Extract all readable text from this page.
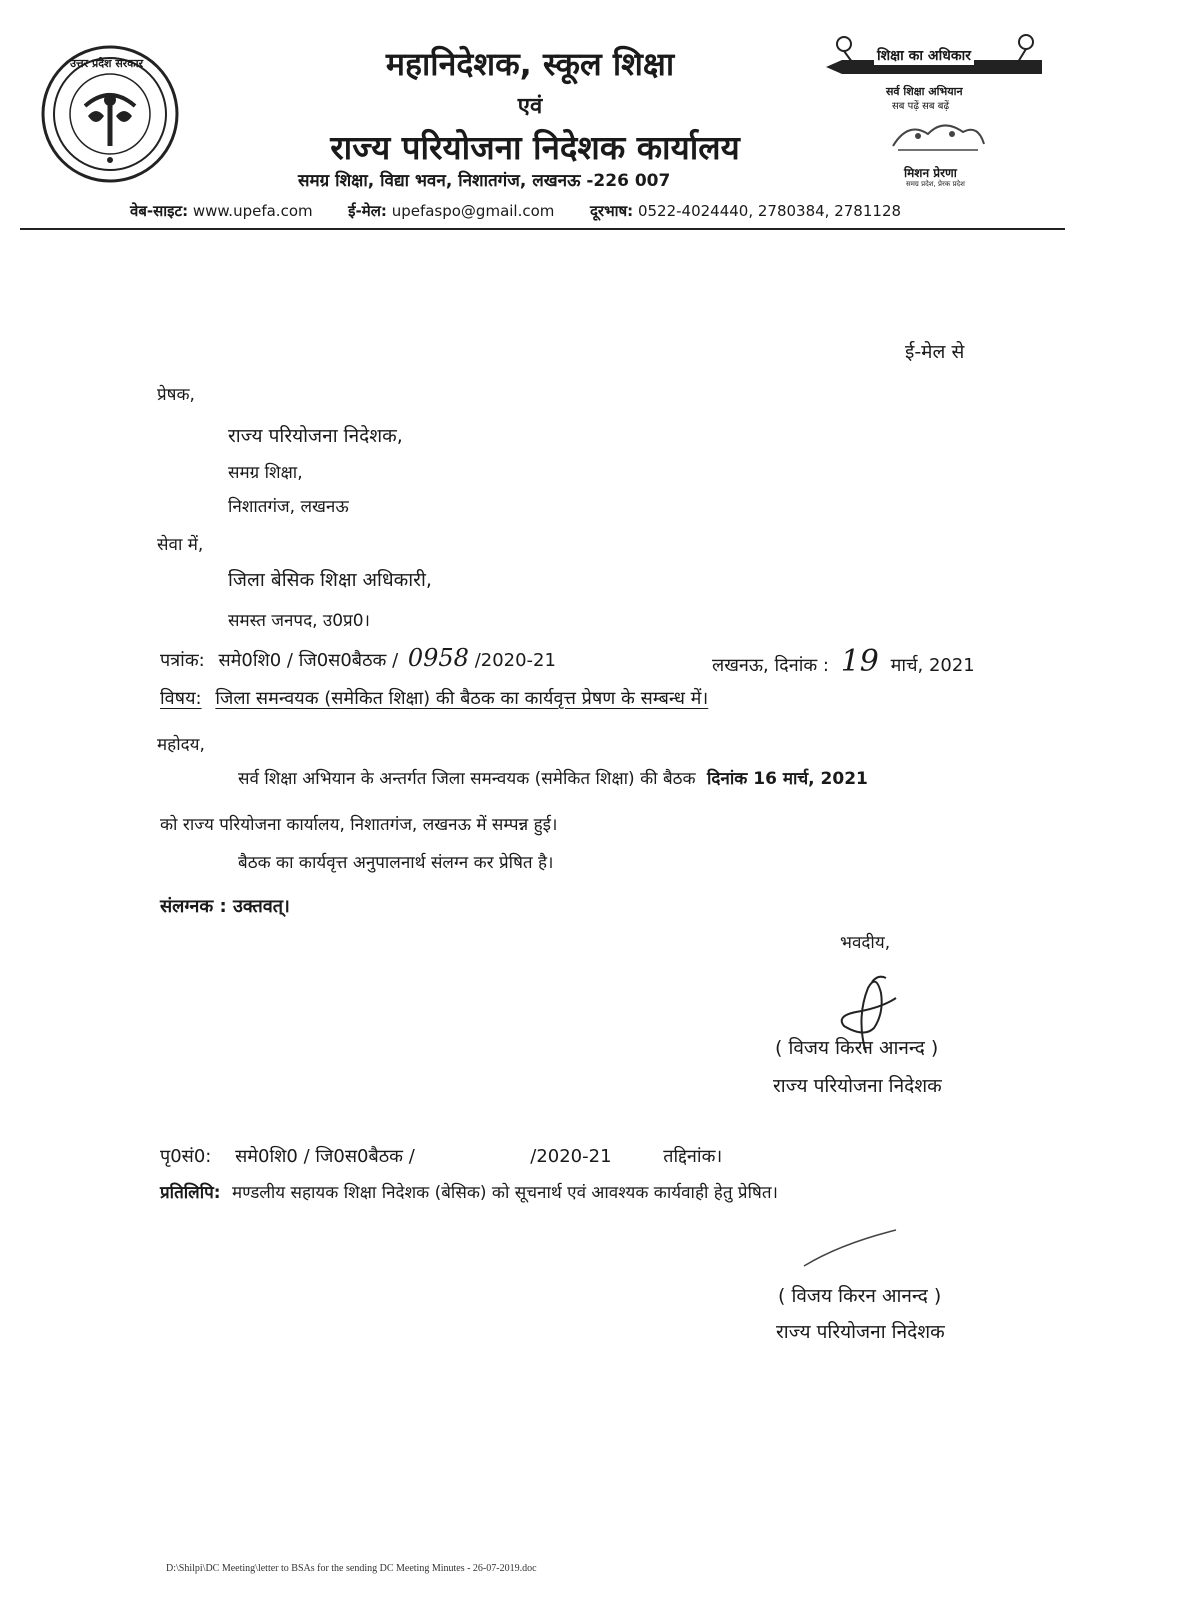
उत्तर प्रदेश सरकार	महानिदेशक, स्कूल शिक्षा
एवं
राज्य परियोजना निदेशक कार्यालय
समग्र शिक्षा, विद्या भवन, निशातगंज, लखनऊ -226 007
वेब-साइट: www.upefa.com ई-मेल: upefaspo@gmail.com दूरभाष: 0522-4024440, 2780384, 2781128
शिक्षा का अधिकार
सर्व शिक्षा अभियान
सब पढ़ें सब बढ़ें
मिशन प्रेरणा
समग्र प्रदेश, प्रेरक प्रदेश
ई-मेल से
प्रेषक,
राज्य परियोजना निदेशक,
समग्र शिक्षा,
निशातगंज, लखनऊ
सेवा में,
जिला बेसिक शिक्षा अधिकारी,
समस्त जनपद, उ0प्र0।
पत्रांक: समे0शि0 / जि0स0बैठक / 0958 /2020-21	लखनऊ, दिनांक : 19 मार्च, 2021
विषय: जिला समन्वयक (समेकित शिक्षा) की बैठक का कार्यवृत्त प्रेषण के सम्बन्ध में।
महोदय,
सर्व शिक्षा अभियान के अन्तर्गत जिला समन्वयक (समेकित शिक्षा) की बैठक दिनांक 16 मार्च, 2021
को राज्य परियोजना कार्यालय, निशातगंज, लखनऊ में सम्पन्न हुई।
बैठक का कार्यवृत्त अनुपालनार्थ संलग्न कर प्रेषित है।
संलग्नक : उक्तवत्।
भवदीय,
( विजय किरन आनन्द )
राज्य परियोजना निदेशक
पृ0सं0: समे0शि0 / जि0स0बैठक /	/2020-21	तद्दिनांक।
प्रतिलिपि: मण्डलीय सहायक शिक्षा निदेशक (बेसिक) को सूचनार्थ एवं आवश्यक कार्यवाही हेतु प्रेषित।
( विजय किरन आनन्द )
राज्य परियोजना निदेशक
D:\Shilpi\DC Meeting\letter to BSAs for the sending DC Meeting Minutes - 26-07-2019.doc
